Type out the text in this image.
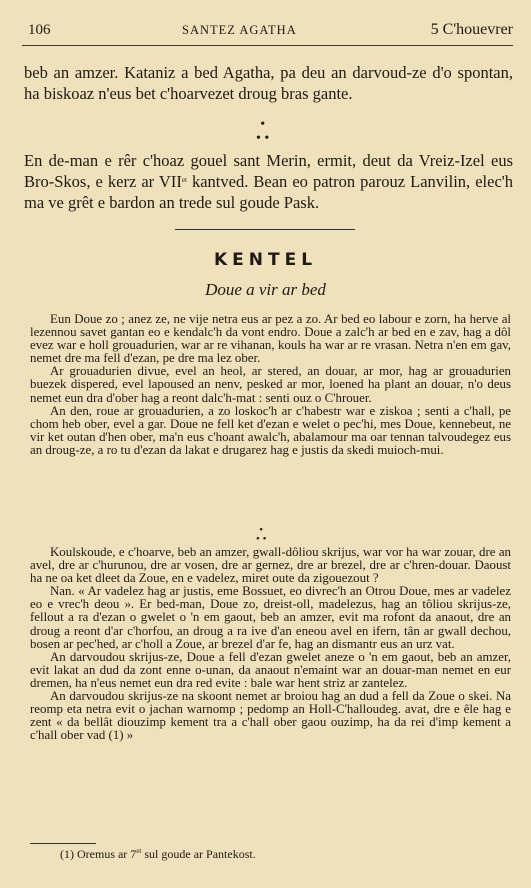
106	SANTEZ AGATHA	5 C'houevrer

beb an amzer. Kataniz a bed Agatha, pa deu an darvoud-ze d'o spontan, ha biskoaz n'eus bet c'hoarvezet droug bras gante.

En de-man e rêr c'hoaz gouel sant Merin, ermit, deut da Vreiz-Izel eus Bro-Skos, e kerz ar $VII^{et}$ kantved. Bean eo patron parouz Lanvilin, elec'h ma ve grêt e bardon an trede sul goude Pask.

•
• •
KENTEL
Doue a vir ar bed

Eun Doue zo ; anez ze, ne vije netra eus ar pez a zo. Ar bed eo labour e zorn, ha herve al lezennou savet gantan eo e kendalc'h da vont endro. Doue a zalc'h ar bed en e zav, hag a dôl evez war e holl grouadurien, war ar re vihanan, kouls ha war ar re vrasan. Netra n'en em gav, nemet dre ma fell d'ezan, pe dre ma lez ober.

Ar grouadurien divue, evel an heol, ar stered, an douar, ar mor, hag ar grouadurien buezek dispered, evel lapoused an nenv, pesked ar mor, loened ha plant an douar, n'o deus nemet eun dra d'ober hag a reont dalc'h-mat : senti ouz o C'hrouer.

An den, roue ar grouadurien, a zo loskoc'h ar c'habestr war e ziskoa ; senti a c'hall, pe chom heb ober, evel a gar. Doue ne fell ket d'ezan e welet o pec'hi, mes Doue, kennebeut, ne vir ket outan d'hen ober, ma'n eus c'hoant awalc'h, abalamour ma oar tennan talvoudegez eus an droug-ze, a ro tu d'ezan da lakat e drugarez hag e justis da skedi muioch-mui.

•
• •

Koulskoude, e c'hoarve, beb an amzer, gwall-dôliou skrijus, war vor ha war zouar, dre an avel, dre ar c'hurunou, dre ar vosen, dre ar gernez, dre ar brezel, dre ar c'hren-douar. Daoust ha ne oa ket dleet da Zoue, en e vadelez, miret oute da zigouezout ?

Nan. « Ar vadelez hag ar justis, eme Bossuet, eo divrec'h an Otrou Doue, mes ar vadelez eo e vrec'h deou ». Er bed-man, Doue zo, dreist-oll, madelezus, hag an tôliou skrijus-ze, fellout a ra d'ezan o gwelet o 'n em gaout, beb an amzer, evit ma rofont da anaout, dre an droug a reont d'ar c'horfou, an droug a ra ive d'an eneou avel en ifern, tân ar gwall dechou, bosen ar pec'hed, ar c'holl a Zoue, ar brezel d'ar fe, hag an dismantr eus an urz vat.

An darvoudou skrijus-ze, Doue a fell d'ezan gwelet aneze o 'n em gaout, beb an amzer, evit lakat an dud da zont enne o-unan, da anaout n'emaint war an douar-man nemet en eur dremen, ha n'eus nemet eun dra red evite : bale war hent striz ar zantelez.

An darvoudou skrijus-ze na skoont nemet ar broiou hag an dud a fell da Zoue o skei. Na reomp eta netra evit o jachan warnomp ; pedomp an Holl-C'halloudeg. avat, dre e êle hag e zent « da bellât diouzimp kement tra a c'hall ober gaou ouzimp, ha da rei d'imp kement a c'hall ober vad (1) »

(1) Oremus ar $7^{et}$ sul goude ar Pantekost.
